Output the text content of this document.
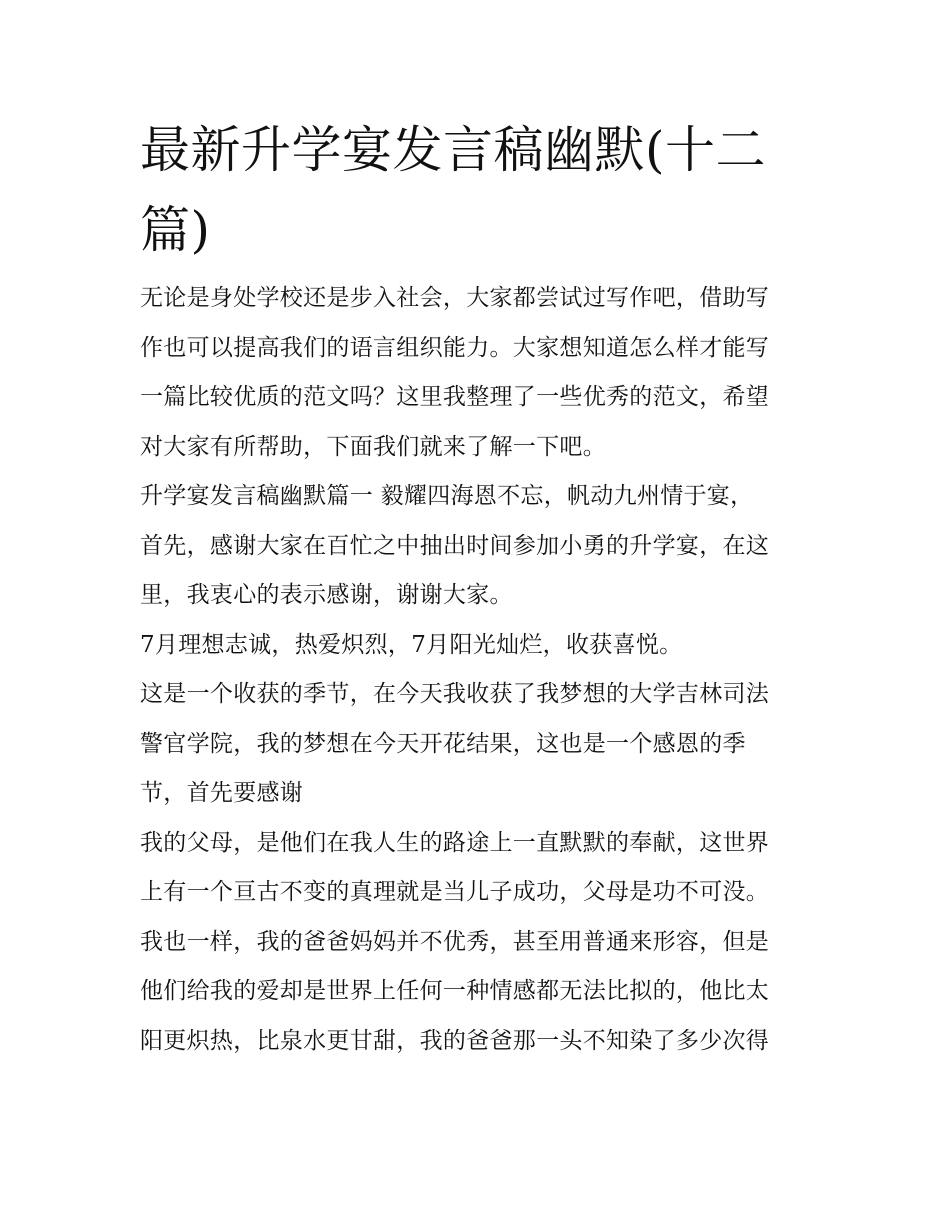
最新升学宴发言稿幽默(十二
篇)
无论是身处学校还是步入社会，大家都尝试过写作吧，借助写
作也可以提高我们的语言组织能力。大家想知道怎么样才能写
一篇比较优质的范文吗？这里我整理了一些优秀的范文，希望
对大家有所帮助，下面我们就来了解一下吧。
升学宴发言稿幽默篇一 毅耀四海恩不忘，帆动九州情于宴，
首先，感谢大家在百忙之中抽出时间参加小勇的升学宴，在这
里，我衷心的表示感谢，谢谢大家。
7月理想志诚，热爱炽烈，7月阳光灿烂，收获喜悦。
这是一个收获的季节，在今天我收获了我梦想的大学吉林司法
警官学院，我的梦想在今天开花结果，这也是一个感恩的季
节，首先要感谢
我的父母，是他们在我人生的路途上一直默默的奉献，这世界
上有一个亘古不变的真理就是当儿子成功，父母是功不可没。
我也一样，我的爸爸妈妈并不优秀，甚至用普通来形容，但是
他们给我的爱却是世界上任何一种情感都无法比拟的，他比太
阳更炽热，比泉水更甘甜，我的爸爸那一头不知染了多少次得
